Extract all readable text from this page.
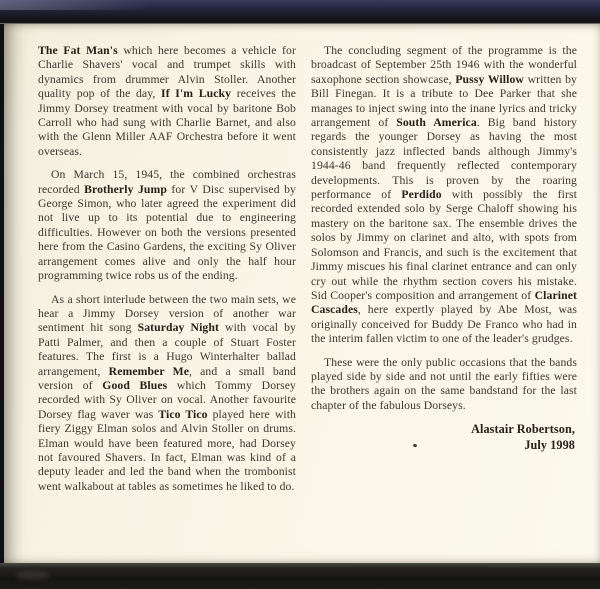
The Fat Man's which here becomes a vehicle for Charlie Shavers' vocal and trumpet skills with dynamics from drummer Alvin Stoller. Another quality pop of the day, If I'm Lucky receives the Jimmy Dorsey treatment with vocal by baritone Bob Carroll who had sung with Charlie Barnet, and also with the Glenn Miller AAF Orchestra before it went overseas.

On March 15, 1945, the combined orchestras recorded Brotherly Jump for V Disc supervised by George Simon, who later agreed the experiment did not live up to its potential due to engineering difficulties. However on both the versions presented here from the Casino Gardens, the exciting Sy Oliver arrangement comes alive and only the half hour programming twice robs us of the ending.

As a short interlude between the two main sets, we hear a Jimmy Dorsey version of another war sentiment hit song Saturday Night with vocal by Patti Palmer, and then a couple of Stuart Foster features. The first is a Hugo Winterhalter ballad arrangement, Remember Me, and a small band version of Good Blues which Tommy Dorsey recorded with Sy Oliver on vocal. Another favourite Dorsey flag waver was Tico Tico played here with fiery Ziggy Elman solos and Alvin Stoller on drums. Elman would have been featured more, had Dorsey not favoured Shavers. In fact, Elman was kind of a deputy leader and led the band when the trombonist went walkabout at tables as sometimes he liked to do.

The concluding segment of the programme is the broadcast of September 25th 1946 with the wonderful saxophone section showcase, Pussy Willow written by Bill Finegan. It is a tribute to Dee Parker that she manages to inject swing into the inane lyrics and tricky arrangement of South America. Big band history regards the younger Dorsey as having the most consistently jazz inflected bands although Jimmy's 1944-46 band frequently reflected contemporary developments. This is proven by the roaring performance of Perdido with possibly the first recorded extended solo by Serge Chaloff showing his mastery on the baritone sax. The ensemble drives the solos by Jimmy on clarinet and alto, with spots from Solomson and Francis, and such is the excitement that Jimmy miscues his final clarinet entrance and can only cry out while the rhythm section covers his mistake. Sid Cooper's composition and arrangement of Clarinet Cascades, here expertly played by Abe Most, was originally conceived for Buddy De Franco who had in the interim fallen victim to one of the leader's grudges.

These were the only public occasions that the bands played side by side and not until the early fifties were the brothers again on the same bandstand for the last chapter of the fabulous Dorseys.

Alastair Robertson,
July 1998
